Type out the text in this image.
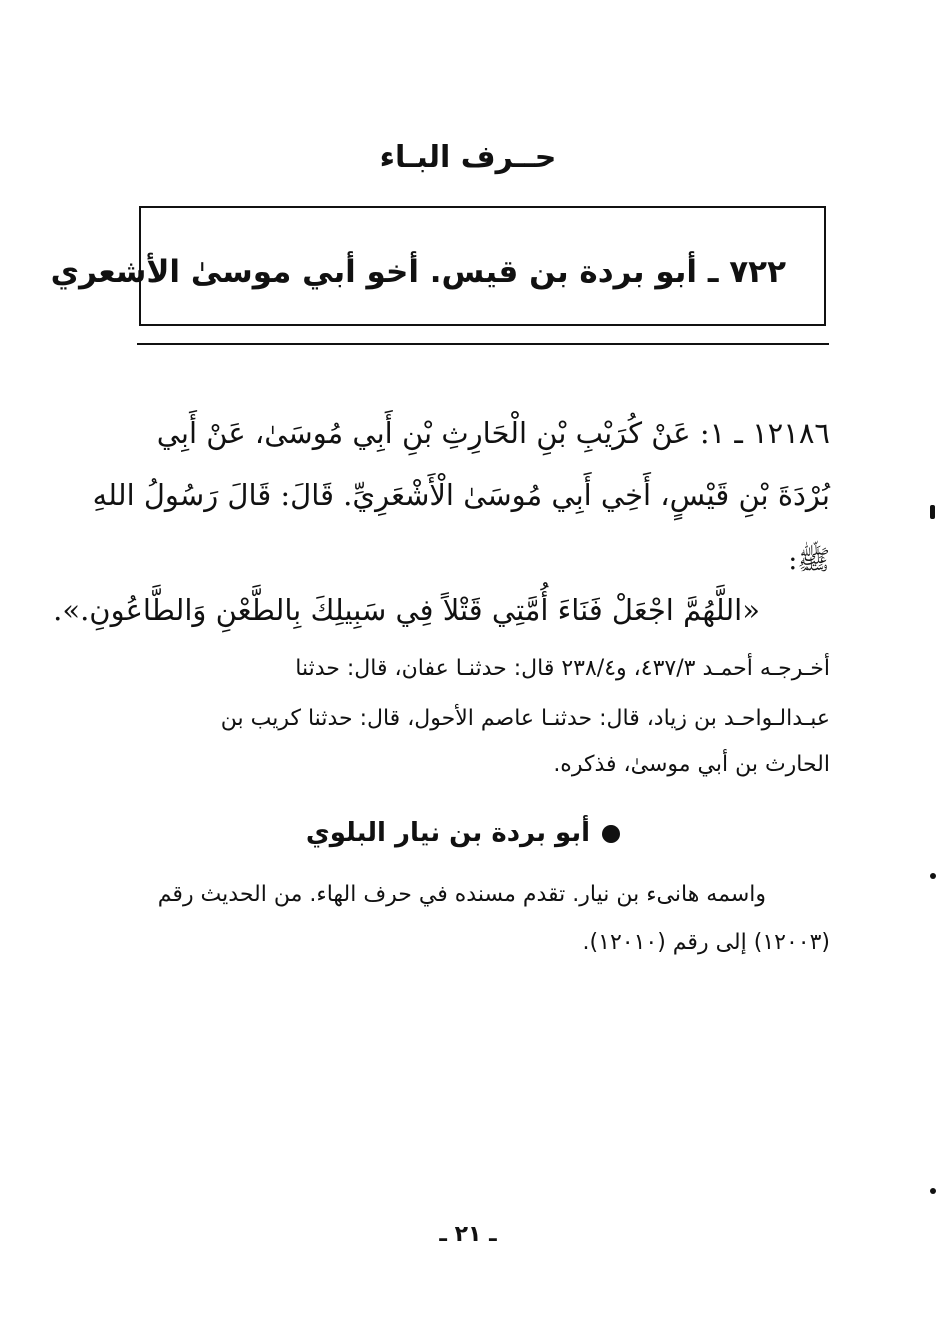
حــرف البـاء
٧٢٢ ـ أبو بردة بن قيس. أخو أبي موسىٰ الأشعري
١٢١٨٦ ـ ١: عَنْ كُرَيْبِ بْنِ الْحَارِثِ بْنِ أَبِي مُوسَىٰ، عَنْ أَبِي
بُرْدَةَ بْنِ قَيْسٍ، أَخِي أَبِي مُوسَىٰ الْأَشْعَرِيِّ. قَالَ: قَالَ رَسُولُ اللهِ
ﷺ:
«اللَّهُمَّ اجْعَلْ فَنَاءَ أُمَّتِي قَتْلاً فِي سَبِيلِكَ بِالطَّعْنِ وَالطَّاعُونِ.».
أخـرجـه أحمـد ٤٣٧/٣، و٢٣٨/٤ قال: حدثنـا عفان، قال: حدثنا
عبـدالـواحـد بن زياد، قال: حدثنـا عاصم الأحول، قال: حدثنا كريب بن
الحارث بن أبي موسىٰ، فذكره.
أبو بردة بن نيار البلوي
واسمه هانىء بن نيار. تقدم مسنده في حرف الهاء. من الحديث رقم
(١٢٠٠٣) إلى رقم (١٢٠١٠).
ـ ٢١ ـ
